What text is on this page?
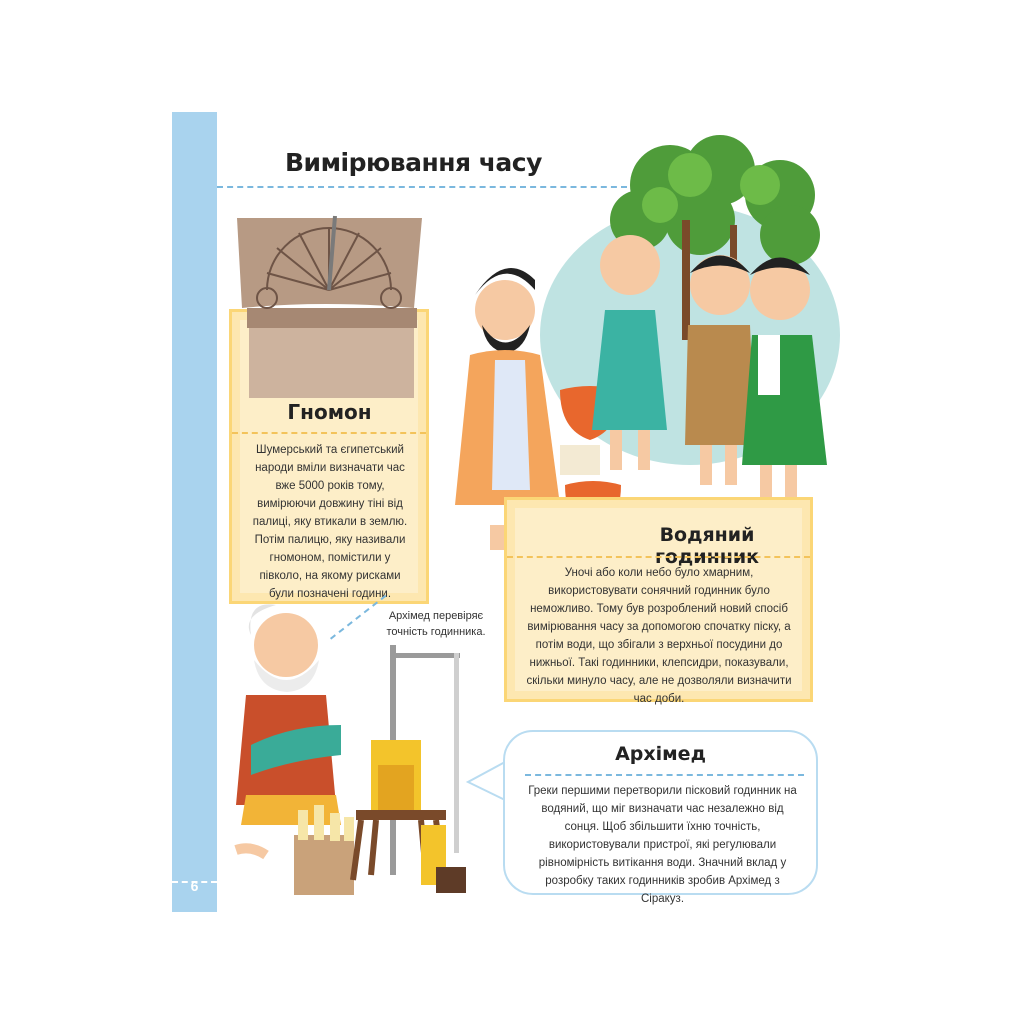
6
Вимірювання часу
Гномон
Шумерський та єгипетський народи вміли визначати час вже 5000 років тому, вимірюючи довжину тіні від палиці, яку втикали в землю. Потім палицю, яку називали гномоном, помістили у півколо, на якому рисками були позначені години.
Водяний годинник
Уночі або коли небо було хмарним, використовувати сонячний годинник було неможливо. Тому був розроблений новий спосіб вимірювання часу за допомогою спочатку піску, а потім води, що збігали з верхньої посудини до нижньої. Такі годинники, клепсидри, показували, скільки минуло часу, але не дозволяли визначити час доби.
Архімед перевіряє точність годинника.
Архімед
Греки першими перетворили пісковий годинник на водяний, що міг визначати час незалежно від сонця. Щоб збільшити їхню точність, використовували пристрої, які регулювали рівномірність витікання води. Значний вклад у розробку таких годинників зробив Архімед з Сіракуз.
